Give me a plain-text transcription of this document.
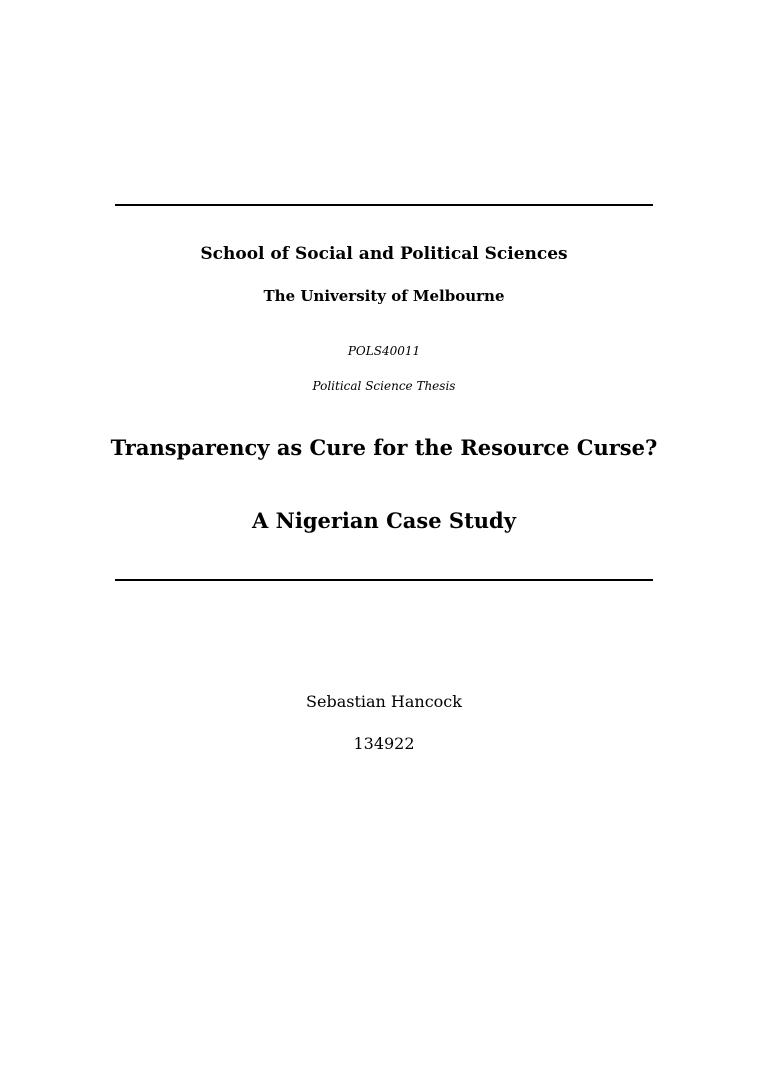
School of Social and Political Sciences
The University of Melbourne
POLS40011
Political Science Thesis
Transparency as Cure for the Resource Curse?
A Nigerian Case Study
Sebastian Hancock
134922
